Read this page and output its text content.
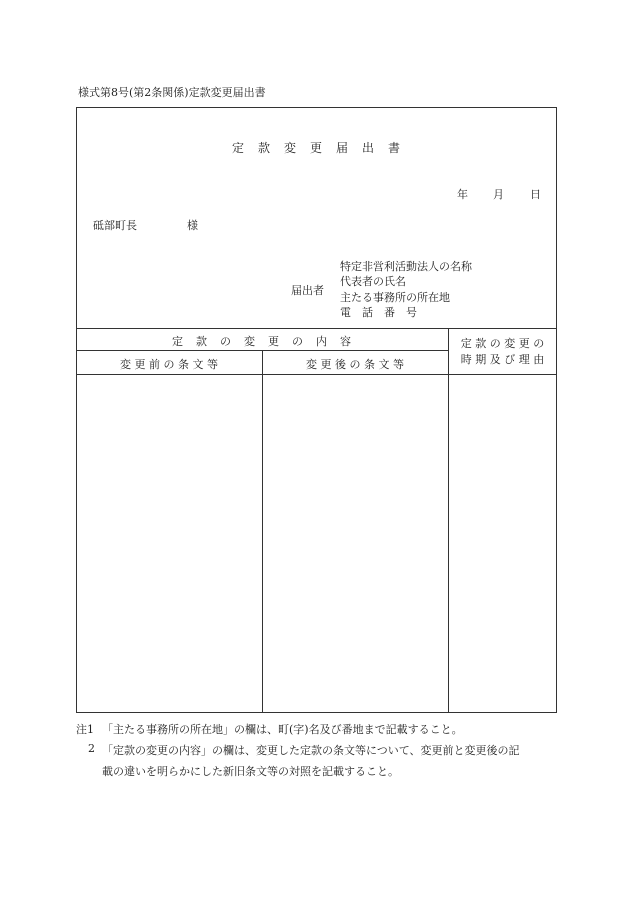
様式第8号(第2条関係)定款変更届出書
定　款　変　更　届　出　書
年 月 日
砥部町長	様
届出者
特定非営利活動法人の名称
代表者の氏名
主たる事務所の所在地
電　話　番　号
定　款　の　変　更　の　内　容
変 更 前 の 条 文 等	変 更 後 の 条 文 等
定 款 の 変 更 の
時 期 及 び 理 由
注1 「主たる事務所の所在地」の欄は、町(字)名及び番地まで記載すること。
2 「定款の変更の内容」の欄は、変更した定款の条文等について、変更前と変更後の記
載の違いを明らかにした新旧条文等の対照を記載すること。
